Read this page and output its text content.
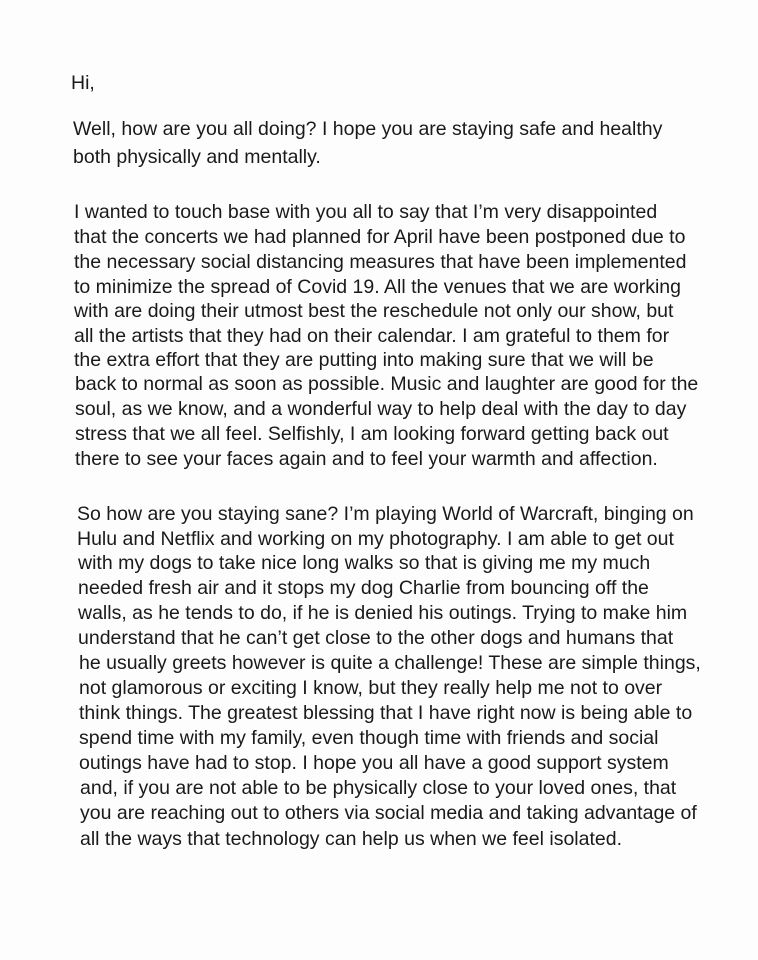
Hi,
Well, how are you all doing? I hope you are staying safe and healthy
both physically and mentally.
I wanted to touch base with you all to say that I’m very disappointed
that the concerts we had planned for April have been postponed due to
the necessary social distancing measures that have been implemented
to minimize the spread of Covid 19. All the venues that we are working
with are doing their utmost best the reschedule not only our show, but
all the artists that they had on their calendar. I am grateful to them for
the extra effort that they are putting into making sure that we will be
back to normal as soon as possible. Music and laughter are good for the
soul, as we know, and a wonderful way to help deal with the day to day
stress that we all feel. Selfishly, I am looking forward getting back out
there to see your faces again and to feel your warmth and affection.
So how are you staying sane? I’m playing World of Warcraft, binging on
Hulu and Netflix and working on my photography. I am able to get out
with my dogs to take nice long walks so that is giving me my much
needed fresh air and it stops my dog Charlie from bouncing off the
walls, as he tends to do, if he is denied his outings. Trying to make him
understand that he can’t get close to the other dogs and humans that
he usually greets however is quite a challenge! These are simple things,
not glamorous or exciting I know, but they really help me not to over
think things. The greatest blessing that I have right now is being able to
spend time with my family, even though time with friends and social
outings have had to stop. I hope you all have a good support system
and, if you are not able to be physically close to your loved ones, that
you are reaching out to others via social media and taking advantage of
all the ways that technology can help us when we feel isolated.
